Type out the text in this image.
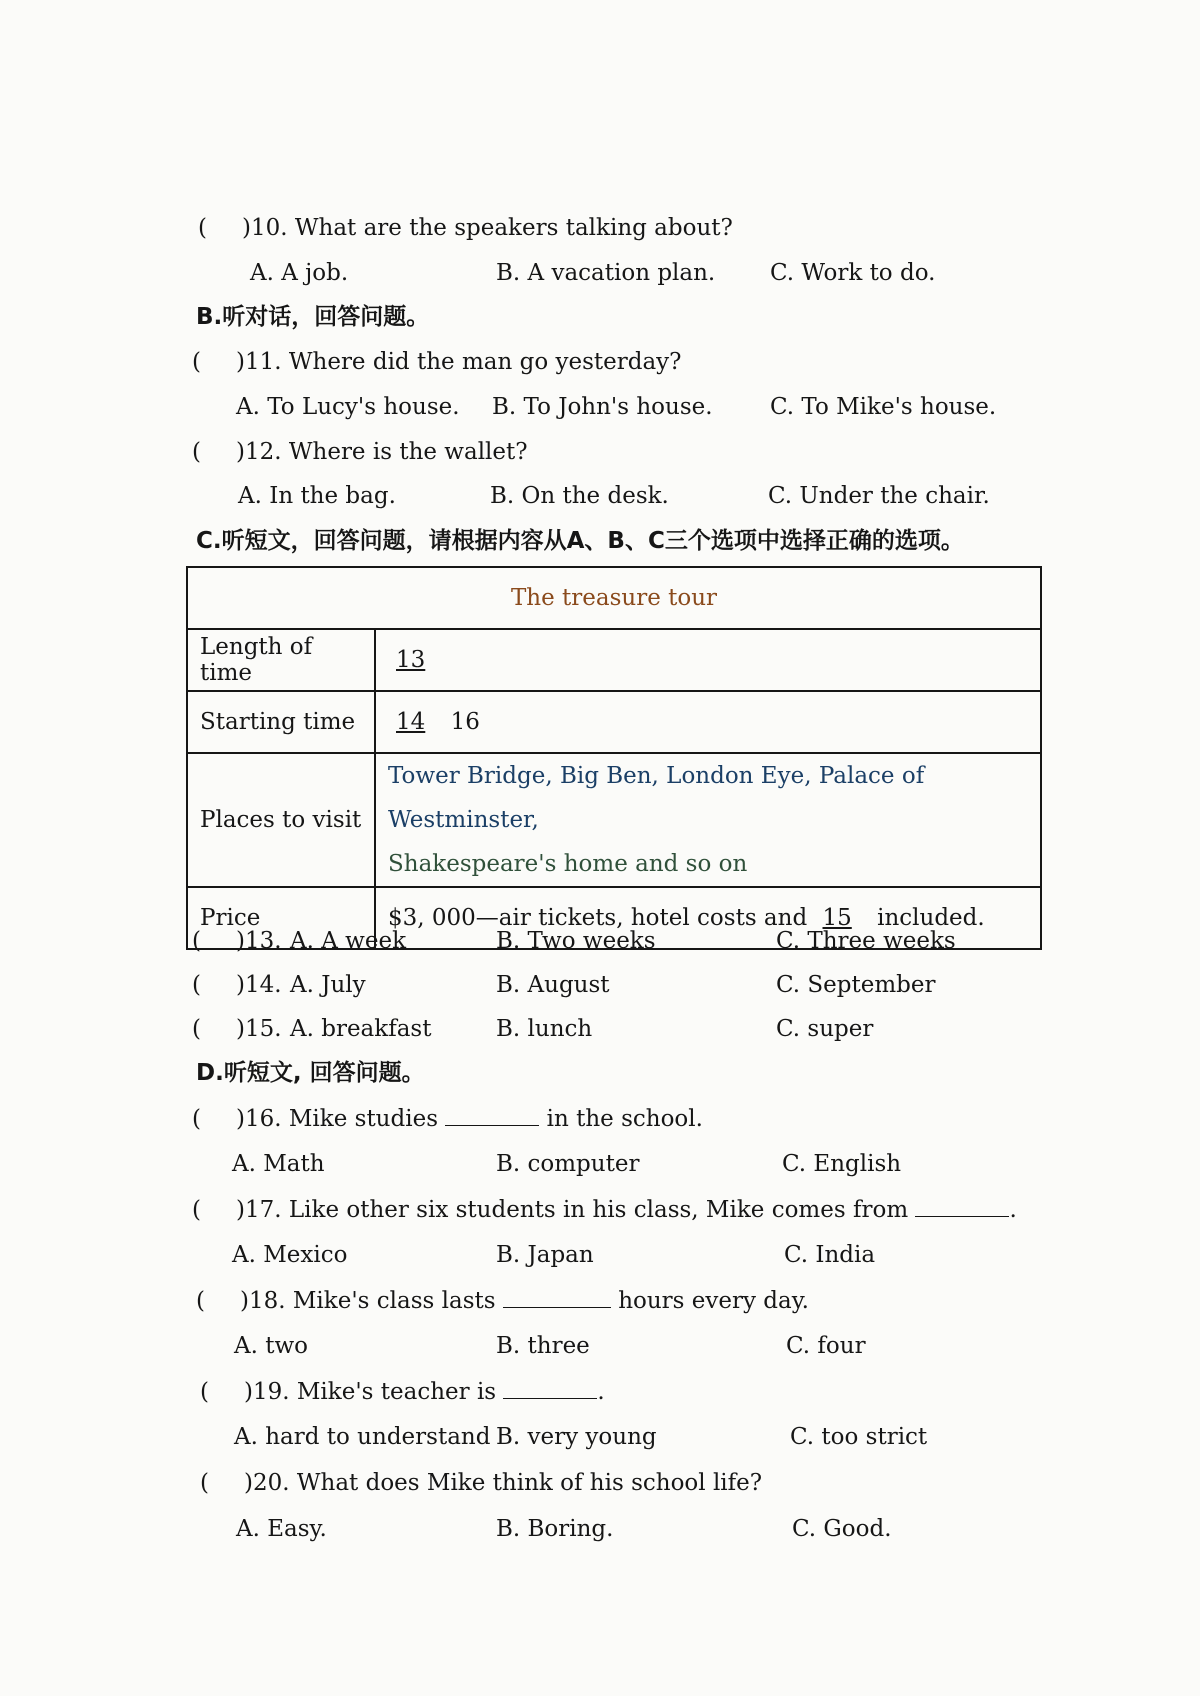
( )10. What are the speakers talking about?
A. A job.	B. A vacation plan. C. Work to do.
B.听对话，回答问题。
( )11. Where did the man go yesterday?
A. To Lucy's house. B. To John's house. C. To Mike's house.
( )12. Where is the wallet?
A. In the bag.	B. On the desk.	C. Under the chair.
C.听短文，回答问题，请根据内容从A、B、C三个选项中选择正确的选项。
The treasure tour	
Length of time	13
Starting time	14 16
Places to visit	Tower Bridge, Big Ben, London Eye, Palace of Westminster,
Shakespeare's home and so on

Price	$3, 000—air tickets, hotel costs and 15 included.
( )13. A. A week	B. Two weeks	C. Three weeks
( )14. A. July	B. August	C. September
( )15. A. breakfast	B. lunch	C. super
D.听短文, 回答问题。
( )16. Mike studies	in the school.
A. Math	B. computer	C. English
( )17. Like other six students in his class, Mike comes from	.
A. Mexico	B. Japan	C. India
( )18. Mike's class lasts	hours every day.
A. two	B. three	C. four
( )19. Mike's teacher is	.
A. hard to understand B. very young	C. too strict
( )20. What does Mike think of his school life?
A. Easy.	B. Boring.	C. Good.
